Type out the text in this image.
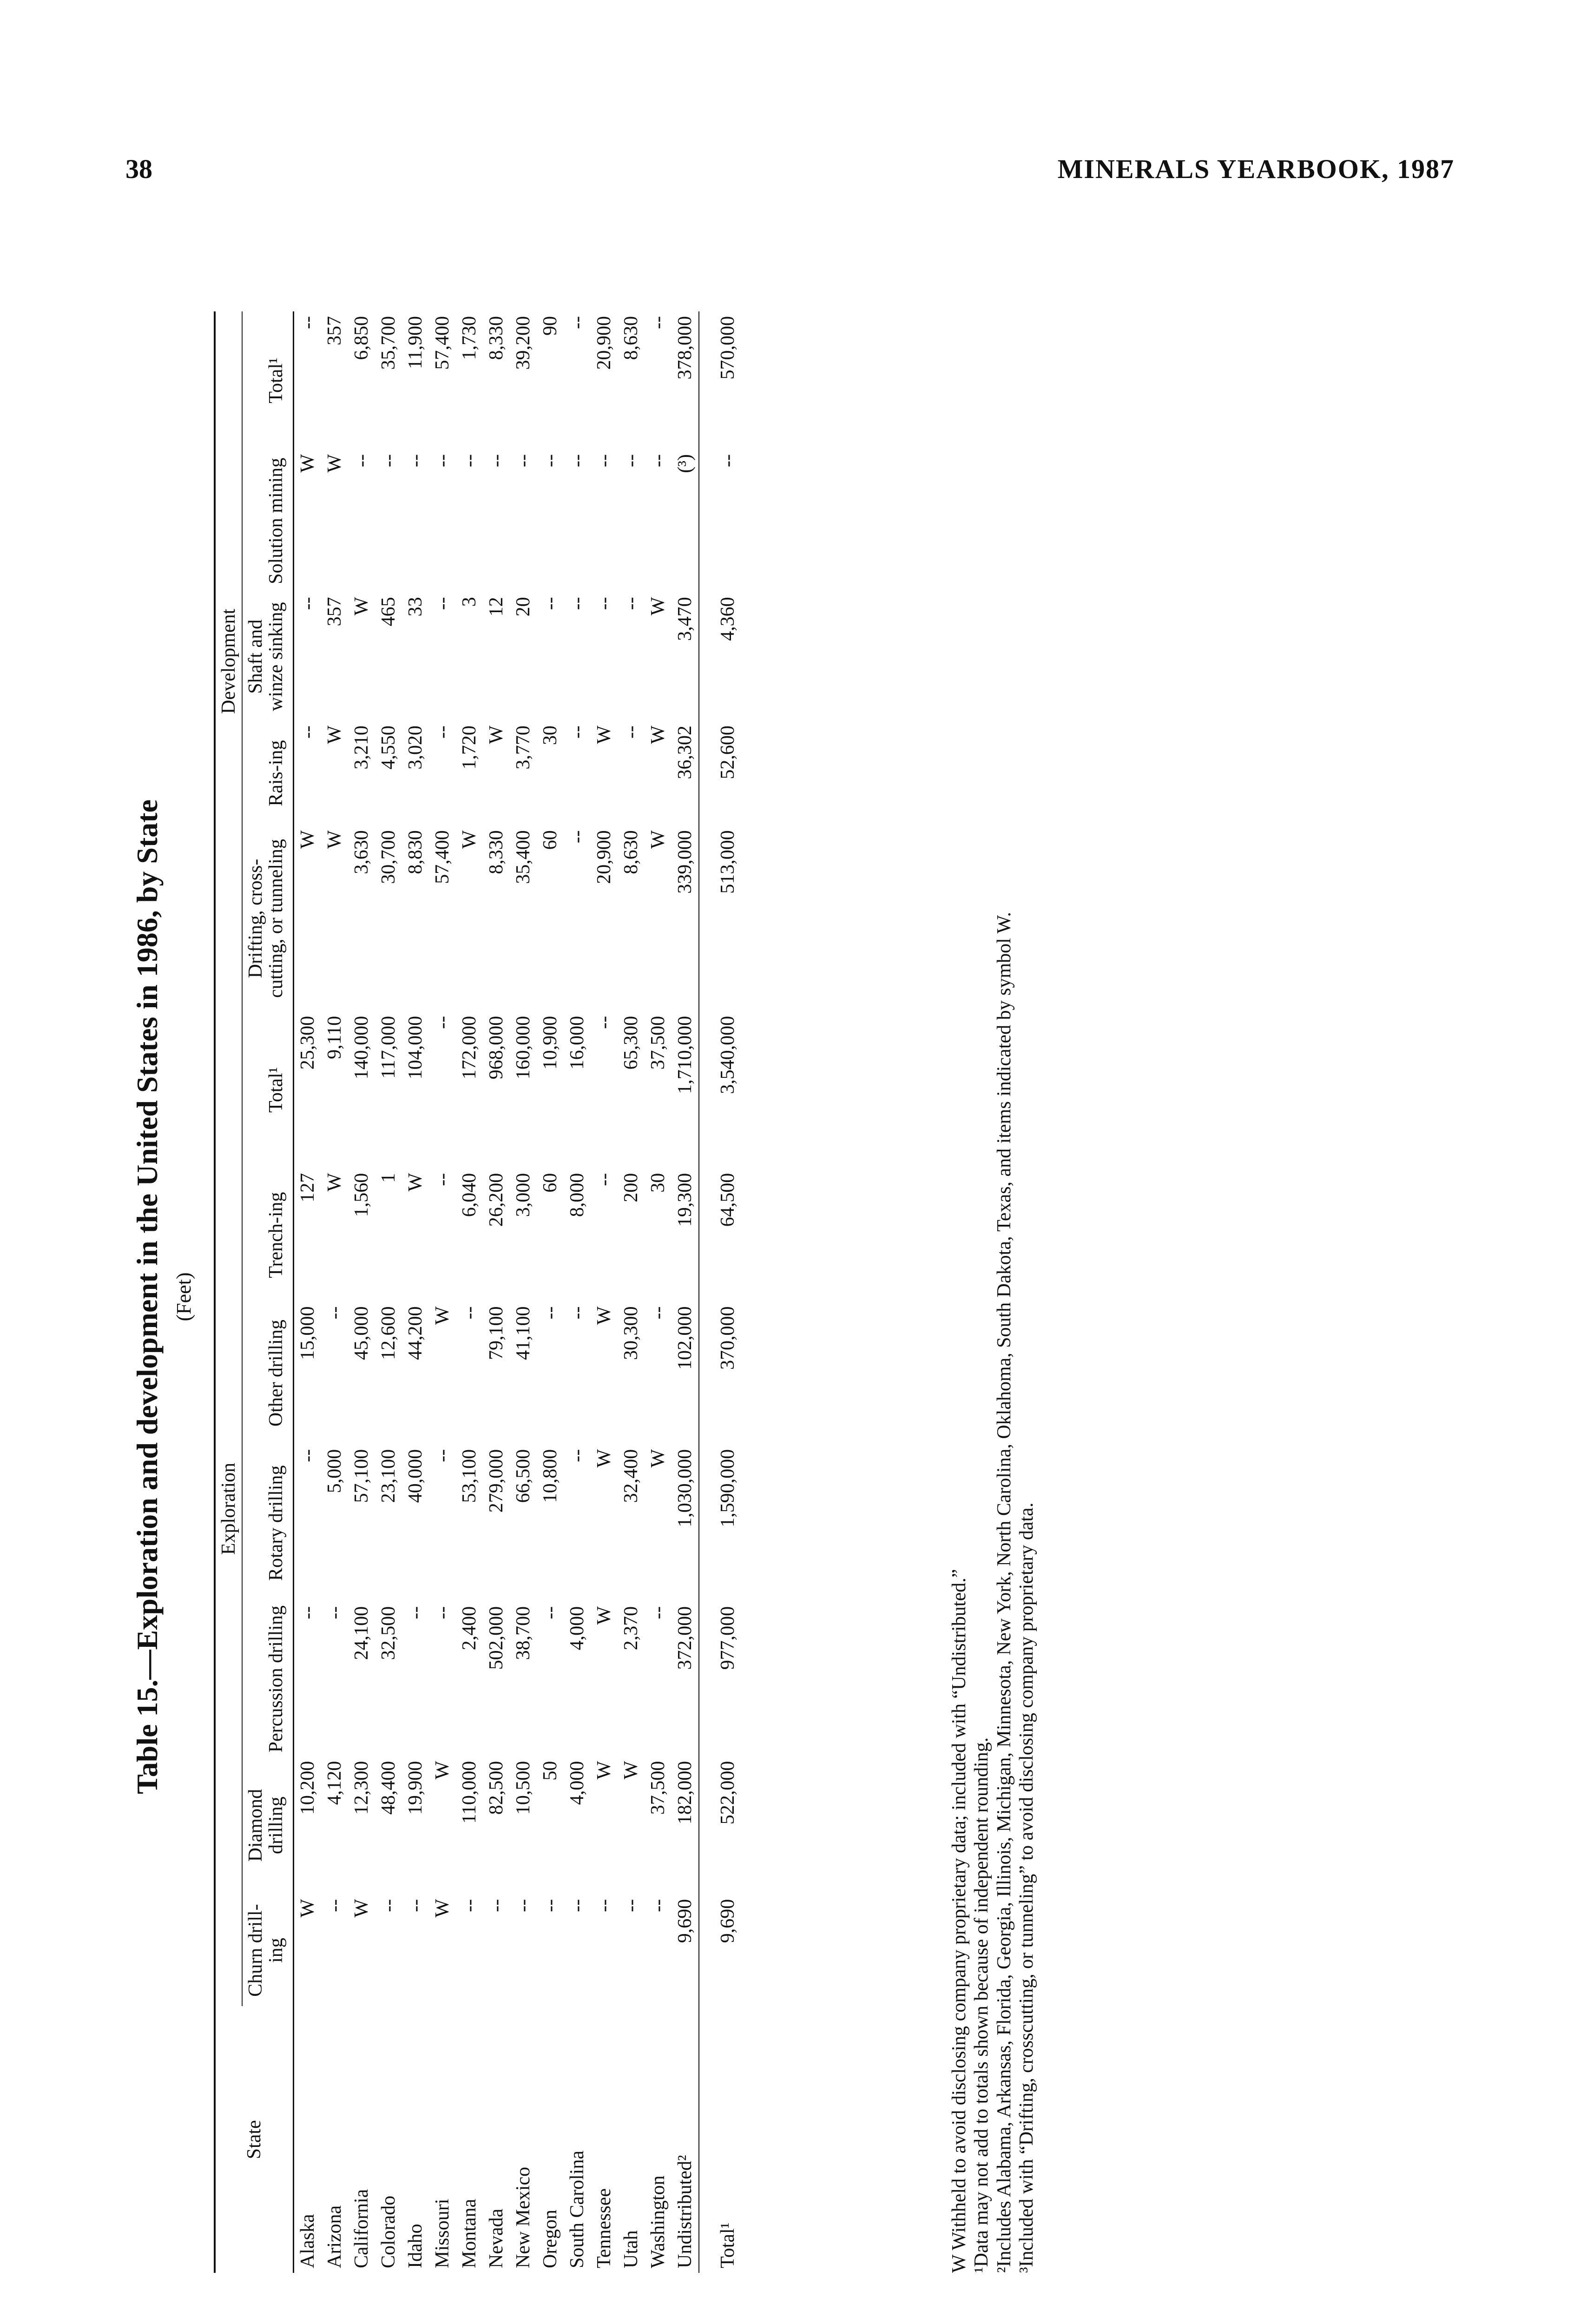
38	MINERALS YEARBOOK, 1987
Table 15.—Exploration and development in the United States in 1986, by State (Feet)
State	Exploration							Development				
	Churn drill-ing	Diamond drilling	Percussion drilling	Rotary drilling	Other drilling	Trench-ing	Total¹	Drifting, cross-cutting, or tunneling	Rais-ing	Shaft and winze sinking	Solution mining	Total¹
Alaska	W	10,200	--	--	15,000	127	25,300	W	--	--	W	--
Arizona	--	4,120	--	5,000	--	W	9,110	W	W	357	W	357
California	W	12,300	24,100	57,100	45,000	1,560	140,000	3,630	3,210	W	--	6,850
Colorado	--	48,400	32,500	23,100	12,600	1	117,000	30,700	4,550	465	--	35,700
Idaho	--	19,900	--	40,000	44,200	W	104,000	8,830	3,020	33	--	11,900
Missouri	W	W	--	--	W	--	--	57,400	--	--	--	57,400
Montana	--	110,000	2,400	53,100	--	6,040	172,000	W	1,720	3	--	1,730
Nevada	--	82,500	502,000	279,000	79,100	26,200	968,000	8,330	W	12	--	8,330
New Mexico	--	10,500	38,700	66,500	41,100	3,000	160,000	35,400	3,770	20	--	39,200
Oregon	--	50	--	10,800	--	60	10,900	60	30	--	--	90
South Carolina	--	4,000	4,000	--	--	8,000	16,000	--	--	--	--	--
Tennessee	--	W	W	W	W	--	--	20,900	W	--	--	20,900
Utah	--	W	2,370	32,400	30,300	200	65,300	8,630	--	--	--	8,630
Washington	--	37,500	--	W	--	30	37,500	W	W	W	--	--
Undistributed²	9,690	182,000	372,000	1,030,000	102,000	19,300	1,710,000	339,000	36,302	3,470	(³)	378,000
Total¹	9,690	522,000	977,000	1,590,000	370,000	64,500	3,540,000	513,000	52,600	4,360	--	570,000

W Withheld to avoid disclosing company proprietary data; included with “Undistributed.” ¹Data may not add to totals shown because of independent rounding. ²Includes Alabama, Arkansas, Florida, Georgia, Illinois, Michigan, Minnesota, New York, North Carolina, Oklahoma, South Dakota, Texas, and items indicated by symbol W. ³Included with “Drifting, crosscutting, or tunneling” to avoid disclosing company proprietary data.
